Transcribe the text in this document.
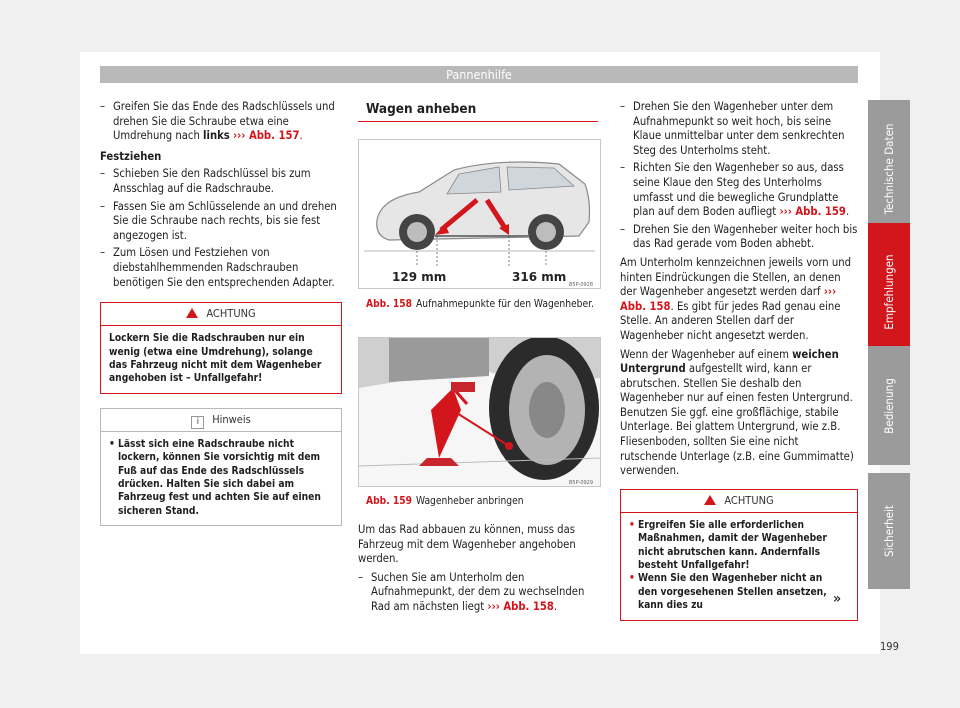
Pannenhilfe
– Greifen Sie das Ende des Radschlüssels und drehen Sie die Schraube etwa eine Umdrehung nach links ››› Abb. 157.
Festziehen
– Schieben Sie den Radschlüssel bis zum Ansschlag auf die Radschraube.
– Fassen Sie am Schlüsselende an und drehen Sie die Schraube nach rechts, bis sie fest angezogen ist.
– Zum Lösen und Festziehen von diebstahlhemmenden Radschrauben benötigen Sie den entsprechenden Adapter.
ACHTUNG
Lockern Sie die Radschrauben nur ein wenig (etwa eine Umdrehung), solange das Fahrzeug nicht mit dem Wagenheber angehoben ist – Unfallgefahr!
i Hinweis
• Lässt sich eine Radschraube nicht lockern, können Sie vorsichtig mit dem Fuß auf das Ende des Radschlüssels drücken. Halten Sie sich dabei am Fahrzeug fest und achten Sie auf einen sicheren Stand.
Wagen anheben
129 mm	316 mm
B5P-0928
Abb. 158 Aufnahmepunkte für den Wagenheber.
B5P-0929
Abb. 159 Wagenheber anbringen

Um das Rad abbauen zu können, muss das Fahrzeug mit dem Wagenheber angehoben werden.

– Suchen Sie am Unterholm den Aufnahmepunkt, der dem zu wechselnden Rad am nächsten liegt ››› Abb. 158.
– Drehen Sie den Wagenheber unter dem Aufnahmepunkt so weit hoch, bis seine Klaue unmittelbar unter dem senkrechten Steg des Unterholms steht.
– Richten Sie den Wagenheber so aus, dass seine Klaue den Steg des Unterholms umfasst und die bewegliche Grundplatte plan auf dem Boden aufliegt ››› Abb. 159.
– Drehen Sie den Wagenheber weiter hoch bis das Rad gerade vom Boden abhebt.

Am Unterholm kennzeichnen jeweils vorn und hinten Eindrückungen die Stellen, an denen der Wagenheber angesetzt werden darf ››› Abb. 158. Es gibt für jedes Rad genau eine Stelle. An anderen Stellen darf der Wagenheber nicht angesetzt werden.

Wenn der Wagenheber auf einem weichen Untergrund aufgestellt wird, kann er abrutschen. Stellen Sie deshalb den Wagenheber nur auf einen festen Untergrund. Benutzen Sie ggf. eine großflächige, stabile Unterlage. Bei glattem Untergrund, wie z.B. Fliesenboden, sollten Sie eine nicht rutschende Unterlage (z.B. eine Gummimatte) verwenden.

ACHTUNG
• Ergreifen Sie alle erforderlichen Maßnahmen, damit der Wagenheber nicht abrutschen kann. Andernfalls besteht Unfallgefahr!
• Wenn Sie den Wagenheber nicht an den vorgesehenen Stellen ansetzen, kann dies zu	»
Technische Daten
Empfehlungen
Bedienung
Sicherheit
199
